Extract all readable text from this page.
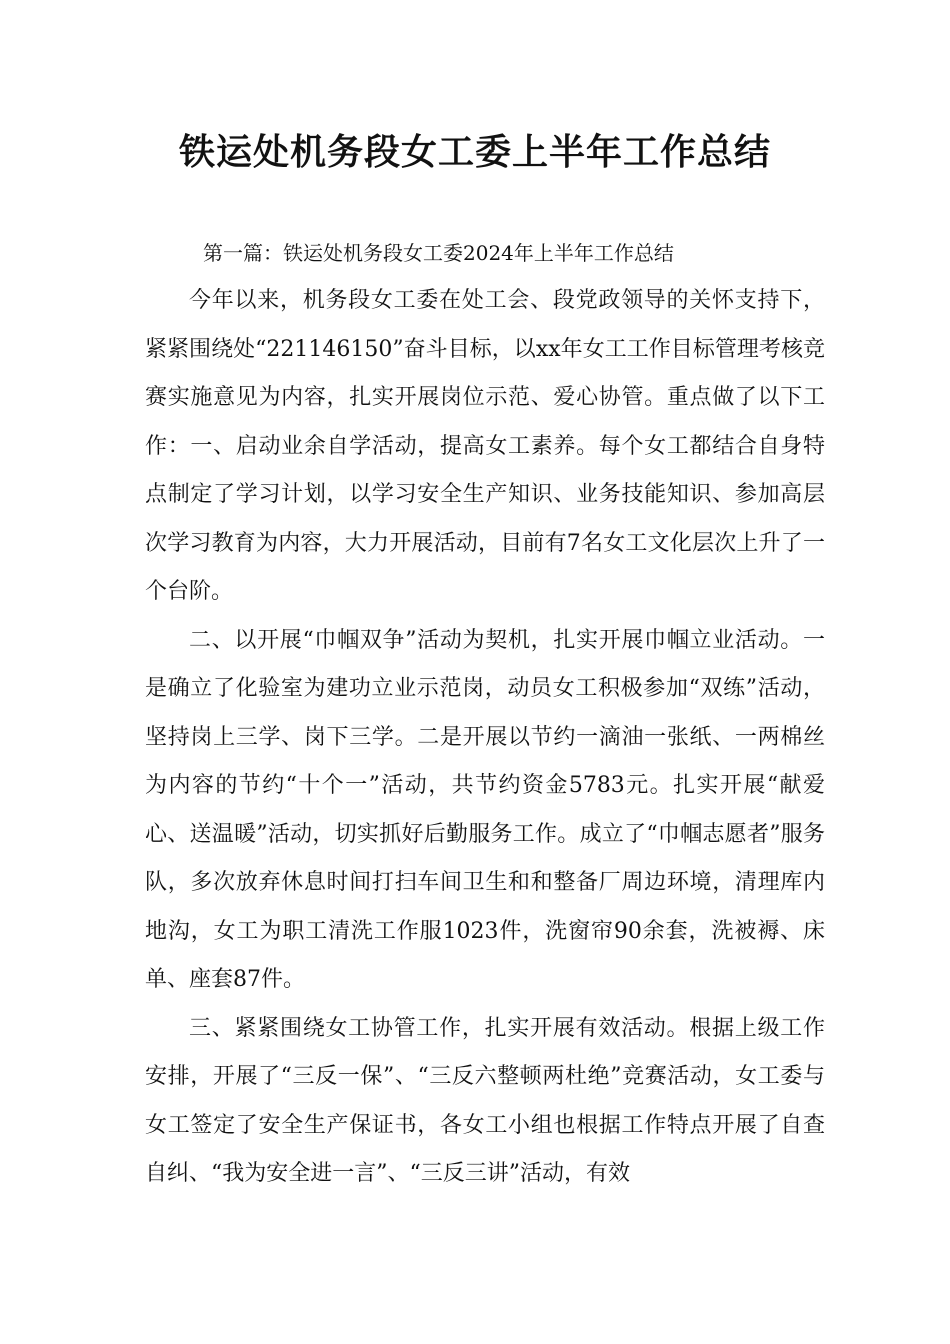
铁运处机务段女工委上半年工作总结

第一篇：铁运处机务段女工委2024年上半年工作总结

今年以来，机务段女工委在处工会、段党政领导的关怀支持下，紧紧围绕处“221146150”奋斗目标，以xx年女工工作目标管理考核竞赛实施意见为内容，扎实开展岗位示范、爱心协管。重点做了以下工作：一、启动业余自学活动，提高女工素养。每个女工都结合自身特点制定了学习计划，以学习安全生产知识、业务技能知识、参加高层次学习教育为内容，大力开展活动，目前有7名女工文化层次上升了一个台阶。

二、以开展“巾帼双争”活动为契机，扎实开展巾帼立业活动。一是确立了化验室为建功立业示范岗，动员女工积极参加“双练”活动，坚持岗上三学、岗下三学。二是开展以节约一滴油一张纸、一两棉丝为内容的节约“十个一”活动，共节约资金5783元。扎实开展“献爱心、送温暖”活动，切实抓好后勤服务工作。成立了“巾帼志愿者”服务队，多次放弃休息时间打扫车间卫生和和整备厂周边环境，清理库内地沟，女工为职工清洗工作服1023件，洗窗帘90余套，洗被褥、床单、座套87件。

三、紧紧围绕女工协管工作，扎实开展有效活动。根据上级工作安排，开展了“三反一保”、“三反六整顿两杜绝”竞赛活动，女工委与女工签定了安全生产保证书，各女工小组也根据工作特点开展了自查自纠、“我为安全进一言”、“三反三讲”活动，有效
